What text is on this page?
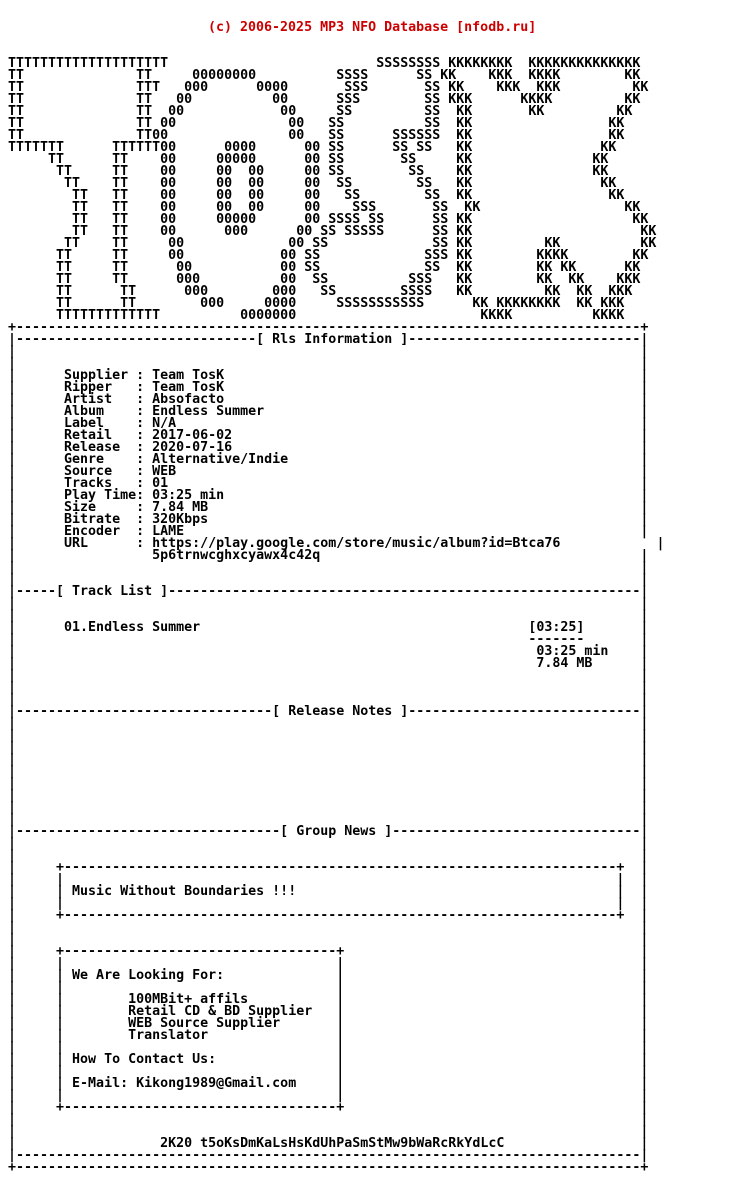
(c) 2006-2025 MP3 NFO Database [nfodb.ru]

TTTTTTTTTTTTTTTTTTTT                          SSSSSSSS KKKKKKKK  KKKKKKKKKKKKKK
TT              TT     00000000          SSSS      SS KK    KKK  KKKK        KK
TT              TTT   000      0000       SSS       SS KK    KKK  KKK         KK
TT              TT   00          00      SSS        SS KKK      KKKK         KK
TT              TT  00            00     SS         SS  KK       KK         KK
TT              TT 00              00   SS          SS  KK                 KK
TT              TT00               00   SS      SSSSSS  KK                 KK
TTTTTTT      TTTTTT00      0000      00 SS      SS SS   KK                KK
TT      TT    00     00000      00 SS       SS     KK               KK
TT     TT    00     00  00     00 SS        SS    KK               KK
TT    TT    00     00  00     00  SS        SS   KK                KK
TT   TT    00     00  00     00   SS        SS  KK                 KK
TT   TT    00     00  00     00    SSS       SS  KK                  KK
TT   TT    00     00000      00 SSSS SS      SS KK                    KK
TT   TT    00      000      00 SS SSSSS      SS KK                     KK
TT    TT     00             00 SS             SS KK         KK          KK
TT     TT     00            00 SS             SSS KK        KKKK        KK
TT     TT      00           00 SS             SS  KK        KK KK      KK
TT     TT      000          00  SS          SSS   KK        KK  KK    KKK
TT      TT      000        000   SS        SSSS   KK         KK  KK  KKK
TT      TT        000     0000     SSSSSSSSSSS      KK KKKKKKKK  KK KKK
TTTTTTTTTTTTT          0000000                       KKKK          KKKK
+------------------------------------------------------------------------------+
|------------------------------[ Rls Information ]-----------------------------|
|                                                                              |
|                                                                              |
|      Supplier : Team TosK                                                    |
|      Ripper   : Team TosK                                                    |
|      Artist   : Absofacto                                                    |
|      Album    : Endless Summer                                               |
|      Label    : N/A                                                          |
|      Retail   : 2017-06-02                                                   |
|      Release  : 2020-07-16                                                   |
|      Genre    : Alternative/Indie                                            |
|      Source   : WEB                                                          |
|      Tracks   : 01                                                           |
|      Play Time: 03:25 min                                                    |
|      Size     : 7.84 MB                                                      |
|      Bitrate  : 320Kbps                                                      |
|      Encoder  : LAME                                                         |
|      URL      : https://play.google.com/store/music/album?id=Btca76            |
|                 5p6trnwcghxcyawx4c42q                                        |
|                                                                              |
|                                                                              |
|-----[ Track List ]-----------------------------------------------------------|
|                                                                              |
|                                                                              |
|      01.Endless Summer                                         [03:25]       |
|                                                                -------       |
|                                                                 03:25 min    |
|                                                                 7.84 MB      |
|                                                                              |
|                                                                              |
|                                                                              |
|--------------------------------[ Release Notes ]-----------------------------|
|                                                                              |
|                                                                              |
|                                                                              |
|                                                                              |
|                                                                              |
|                                                                              |
|                                                                              |
|                                                                              |
|                                                                              |
|---------------------------------[ Group News ]-------------------------------|
|                                                                              |
|                                                                              |
|     +---------------------------------------------------------------------+  |
|     |                                                                     |  |
|     | Music Without Boundaries !!!                                        |  |
|     |                                                                     |  |
|     +---------------------------------------------------------------------+  |
|                                                                              |
|                                                                              |
|     +----------------------------------+                                     |
|     |                                  |                                     |
|     | We Are Looking For:              |                                     |
|     |                                  |                                     |
|     |        100MBit+ affils           |                                     |
|     |        Retail CD & BD Supplier   |                                     |
|     |        WEB Source Supplier       |                                     |
|     |        Translator                |                                     |
|     |                                  |                                     |
|     | How To Contact Us:               |                                     |
|     |                                  |                                     |
|     | E-Mail: Kikong1989@Gmail.com     |                                     |
|     |                                  |                                     |
|     +----------------------------------+                                     |
|                                                                              |
|                                                                              |
|                  2K20 t5oKsDmKaLsHsKdUhPaSmStMw9bWaRcRkYdLcC                 |
|------------------------------------------------------------------------------|
+------------------------------------------------------------------------------+
